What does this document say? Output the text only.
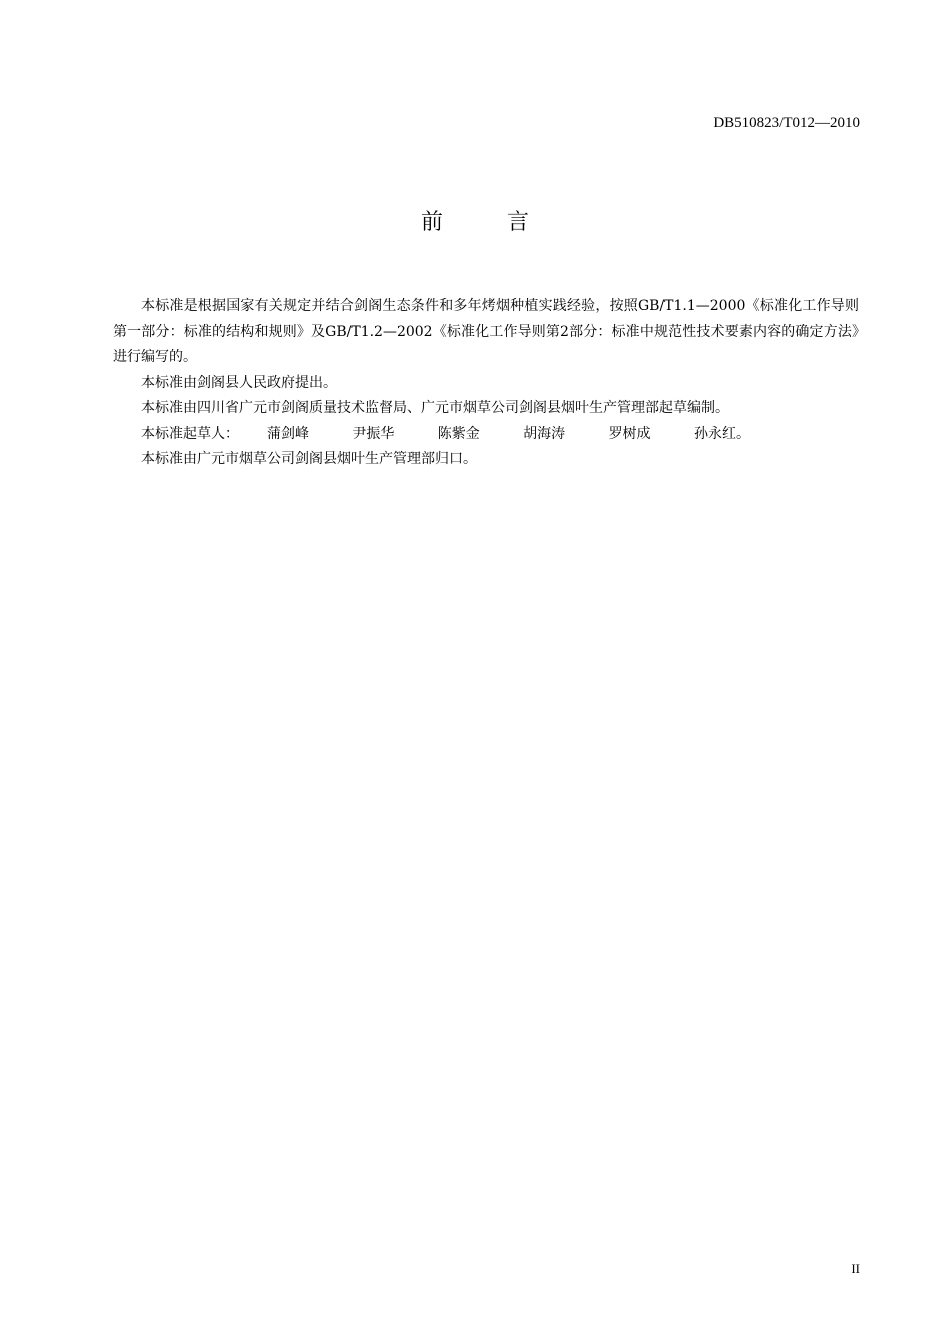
DB510823/T012—2010
前	言

本标准是根据国家有关规定并结合剑阁生态条件和多年烤烟种植实践经验，按照GB/T1.1—2000《标准化工作导则第一部分：标准的结构和规则》及GB/T1.2—2002《标准化工作导则第2部分：标准中规范性技术要素内容的确定方法》进行编写的。

本标准由剑阁县人民政府提出。

本标准由四川省广元市剑阁质量技术监督局、广元市烟草公司剑阁县烟叶生产管理部起草编制。

本标准起草人： 蒲剑峰	尹振华	陈紫金	胡海涛	罗树成	孙永红。

本标准由广元市烟草公司剑阁县烟叶生产管理部归口。

II
